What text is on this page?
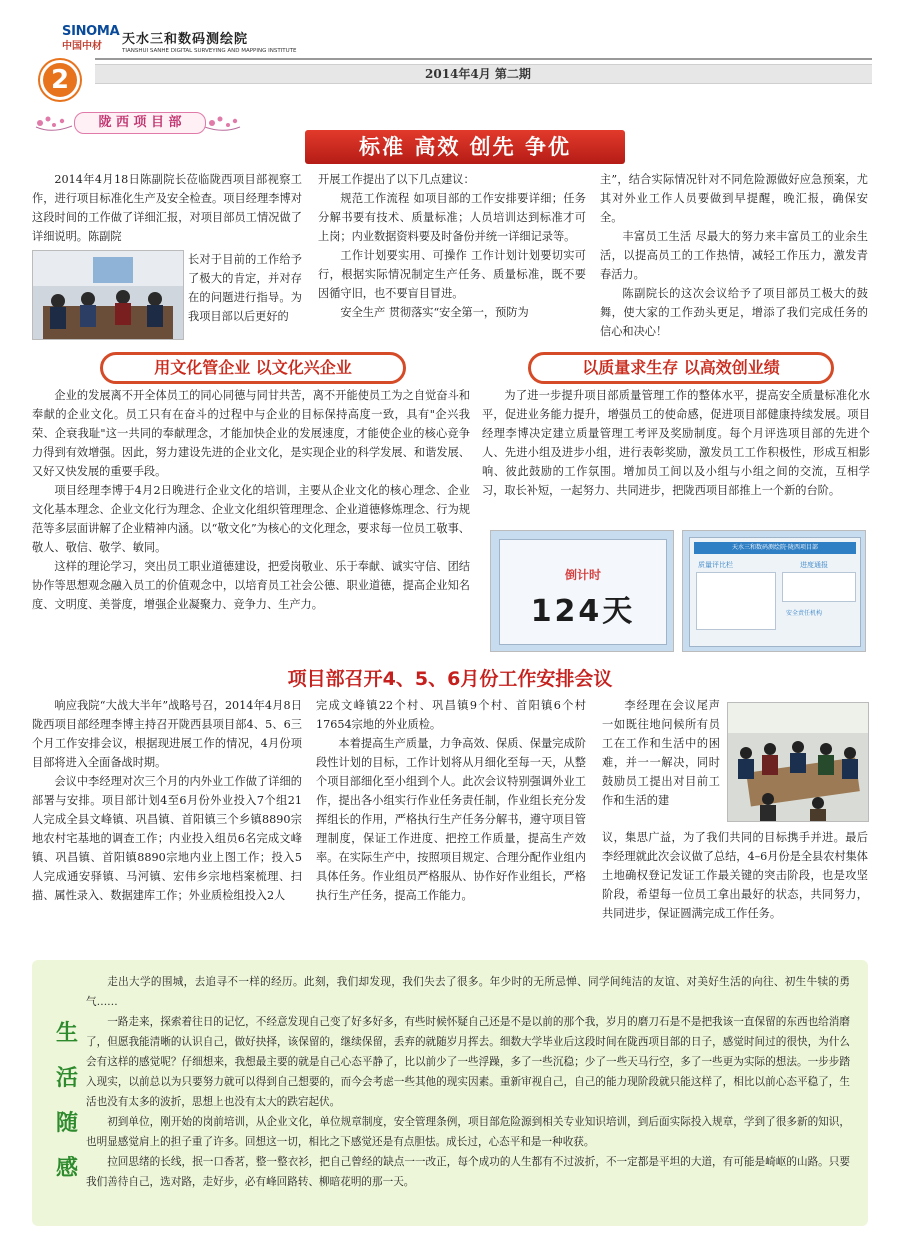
SINOMA
中国中材	天水三和数码测绘院
TIANSHUI SANHE DIGITAL SURVEYING AND MAPPING INSTITUTE
2014年4月 第二期
2
陇 西 项 目 部
标准 高效 创先 争优

2014年4月18日陈副院长莅临陇西项目部视察工作，进行项目标准化生产及安全检查。项目经理李博对这段时间的工作做了详细汇报，对项目部员工情况做了详细说明。陈副院

长对于目前的工作给予了极大的肯定，并对存在的问题进行指导。为我项目部以后更好的

开展工作提出了以下几点建议：

规范工作流程 如项目部的工作安排要详细；任务分解书要有技术、质量标准；人员培训达到标准才可上岗；内业数据资料要及时备份并统一详细记录等。

工作计划要实用、可操作 工作计划计划要切实可行，根据实际情况制定生产任务、质量标准，既不要因循守旧，也不要盲目冒进。

安全生产 贯彻落实“安全第一，预防为

主”，结合实际情况针对不同危险源做好应急预案，尤其对外业工作人员要做到早提醒，晚汇报，确保安全。

丰富员工生活 尽最大的努力来丰富员工的业余生活，以提高员工的工作热情，减轻工作压力，激发青春活力。

陈副院长的这次会议给予了项目部员工极大的鼓舞，使大家的工作劲头更足，增添了我们完成任务的信心和决心！

用文化管企业 以文化兴企业

企业的发展离不开全体员工的同心同德与同甘共苦，离不开能使员工为之自觉奋斗和奉献的企业文化。员工只有在奋斗的过程中与企业的目标保持高度一致，具有"企兴我荣、企衰我耻"这一共同的奉献理念，才能加快企业的发展速度，才能使企业的核心竞争力得到有效增强。因此，努力建设先进的企业文化，是实现企业的科学发展、和谐发展、又好又快发展的重要手段。

项目经理李博于4月2日晚进行企业文化的培训，主要从企业文化的核心理念、企业文化基本理念、企业文化行为理念、企业文化组织管理理念、企业道德修炼理念、行为规范等多层面讲解了企业精神内涵。以“敬文化”为核心的文化理念，要求每一位员工敬事、敬人、敬信、敬学、敏同。

这样的理论学习，突出员工职业道德建设，把爱岗敬业、乐于奉献、诚实守信、团结协作等思想观念融入员工的价值观念中，以培育员工社会公德、职业道德，提高企业知名度、文明度、美誉度，增强企业凝聚力、竞争力、生产力。

以质量求生存 以高效创业绩

为了进一步提升项目部质量管理工作的整体水平，提高安全质量标准化水平，促进业务能力提升，增强员工的使命感，促进项目部健康持续发展。项目经理李博决定建立质量管理工考评及奖励制度。每个月评选项目部的先进个人、先进小组及进步小组，进行表彰奖励，激发员工工作积极性，形成互相影响、彼此鼓励的工作氛围。增加员工间以及小组与小组之间的交流，互相学习，取长补短，一起努力、共同进步，把陇西项目部推上一个新的台阶。

倒计时
124天
天水三和数码测绘院·陇西项目部
质量评比栏	进度通报
安全责任机构
项目部召开4、5、6月份工作安排会议

响应我院“大战大半年”战略号召，2014年4月8日陇西项目部经理李博主持召开陇西县项目部4、5、6三个月工作安排会议，根据现进展工作的情况，4月份项目部将进入全面备战时期。

会议中李经理对次三个月的内外业工作做了详细的部署与安排。项目部计划4至6月份外业投入7个组21人完成全县文峰镇、巩昌镇、首阳镇三个乡镇8890宗地农村宅基地的调查工作；内业投入组员6名完成文峰镇、巩昌镇、首阳镇8890宗地内业上图工作；投入5人完成通安驿镇、马河镇、宏伟乡宗地档案梳理、扫描、属性录入、数据建库工作；外业质检组投入2人

完成文峰镇22个村、巩昌镇9个村、首阳镇6个村17654宗地的外业质检。

本着提高生产质量，力争高效、保质、保量完成阶段性计划的目标，工作计划将从月细化至每一天，从整个项目部细化至小组到个人。此次会议特别强调外业工作，提出各小组实行作业任务责任制，作业组长充分发挥组长的作用，严格执行生产任务分解书，遵守项目管理制度，保证工作进度、把控工作质量，提高生产效率。在实际生产中，按照项目规定、合理分配作业组内具体任务。作业组员严格服从、协作好作业组长，严格执行生产任务，提高工作能力。

李经理在会议尾声一如既往地问候所有员工在工作和生活中的困难，并一一解决，同时鼓励员工提出对目前工作和生活的建

议，集思广益，为了我们共同的目标携手并进。最后李经理就此次会议做了总结，4–6月份是全县农村集体土地确权登记发证工作最关键的突击阶段，也是攻坚阶段，希望每一位员工拿出最好的状态，共同努力，共同进步，保证圆满完成工作任务。

生
活
随
感

走出大学的围城，去追寻不一样的经历。此刻，我们却发现，我们失去了很多。年少时的无所忌惮、同学间纯洁的友谊、对美好生活的向往、初生牛犊的勇气……

一路走来，探索着往日的记忆，不经意发现自己变了好多好多，有些时候怀疑自己还是不是以前的那个我，岁月的磨刀石是不是把我该一直保留的东西也给消磨了，但愿我能清晰的认识自己，做好抉择，该保留的，继续保留，丢弃的就随岁月挥去。细数大学毕业后这段时间在陇西项目部的日子，感觉时间过的很快，为什么会有这样的感觉呢？仔细想来，我想最主要的就是自己心态平静了，比以前少了一些浮躁，多了一些沉稳；少了一些天马行空，多了一些更为实际的想法。一步步踏入现实，以前总以为只要努力就可以得到自己想要的，而今会考虑一些其他的现实因素。重新审视自己，自己的能力现阶段就只能这样了，相比以前心态平稳了，生活也没有太多的波折，思想上也没有太大的跌宕起伏。

初到单位，刚开始的岗前培训，从企业文化，单位规章制度，安全管理条例，项目部危险源到相关专业知识培训，到后面实际投入规章，学到了很多新的知识，也明显感觉肩上的担子重了许多。回想这一切，相比之下感觉还是有点胆怯。成长过，心态平和是一种收获。

拉回思绪的长线，抿一口香茗，整一整衣衫，把自己曾经的缺点一一改正，每个成功的人生都有不过波折，不一定都是平坦的大道，有可能是崎岖的山路。只要我们善待自己，选对路，走好步，必有峰回路转、柳暗花明的那一天。
